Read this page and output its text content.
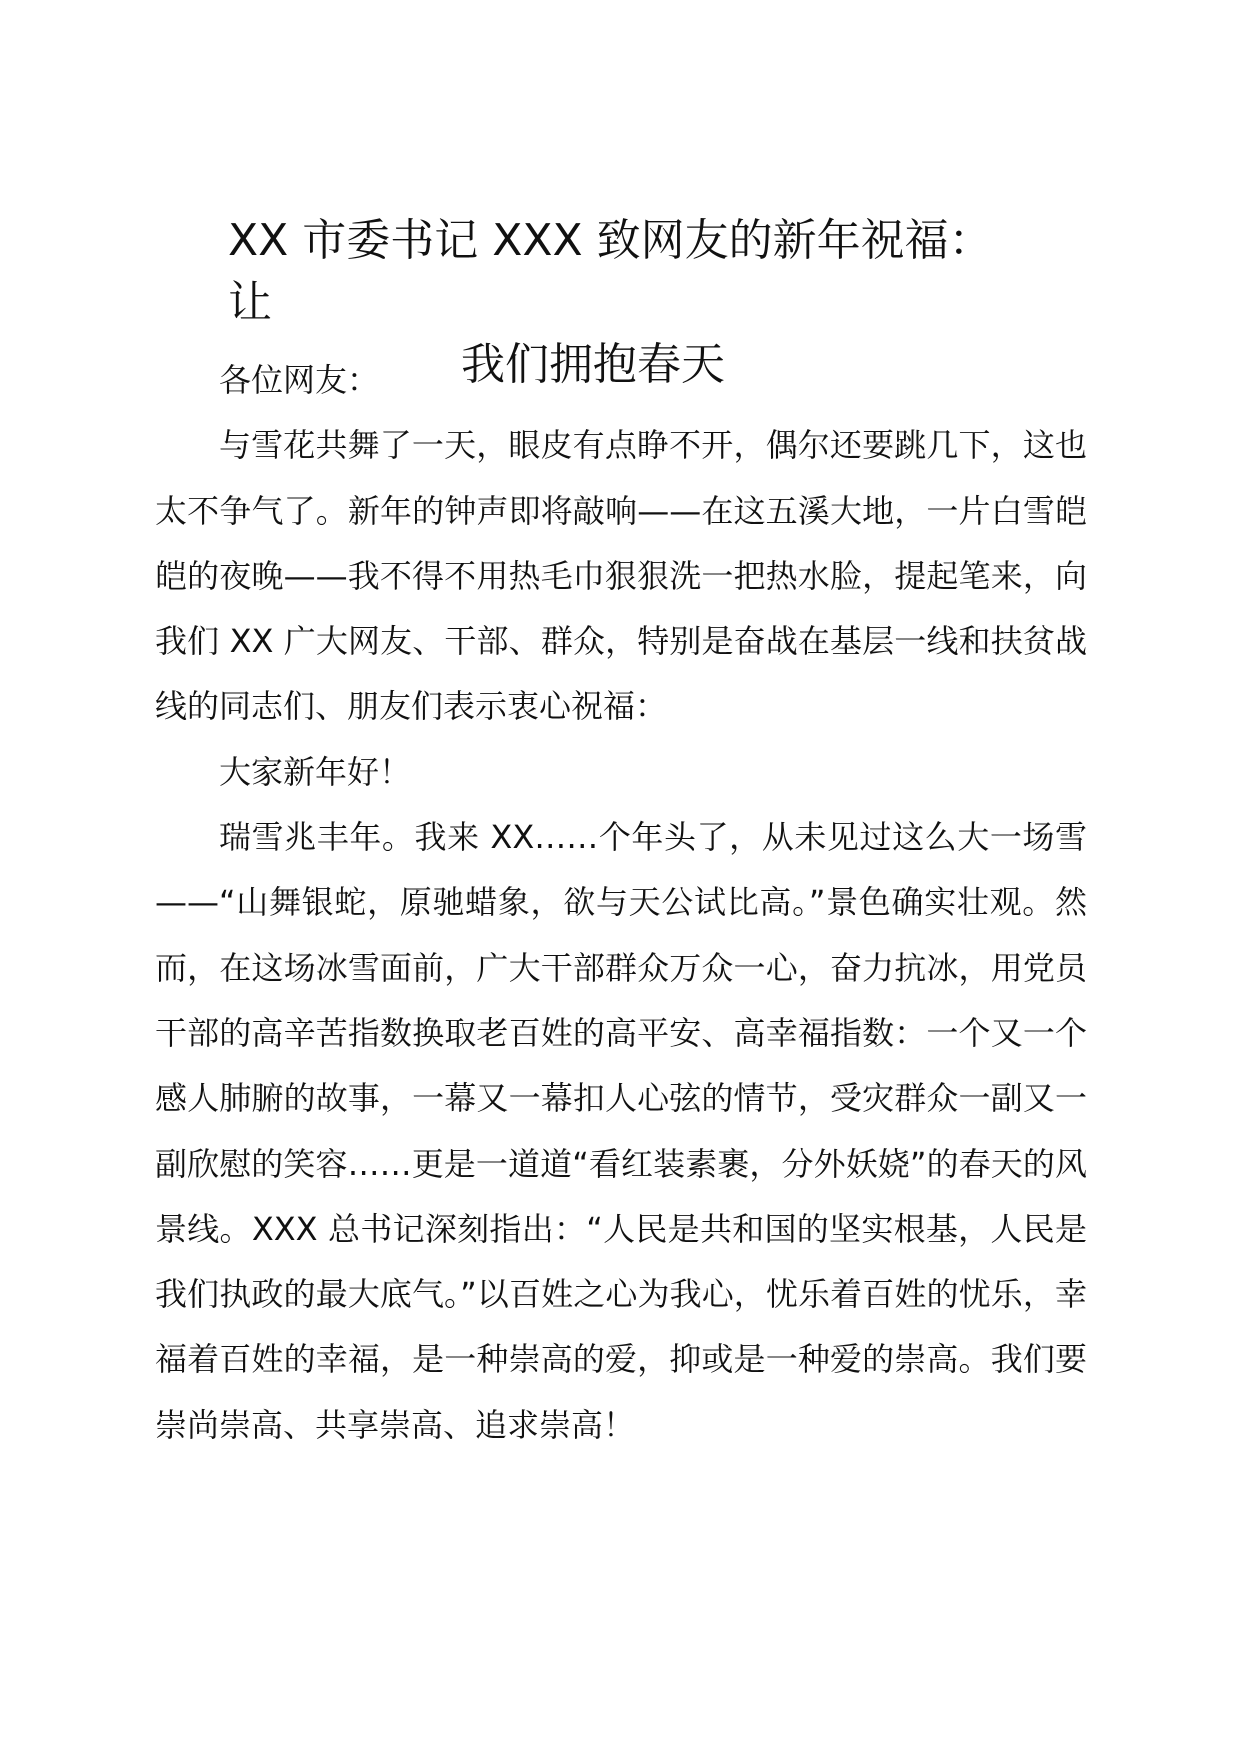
XX 市委书记 XXX 致网友的新年祝福：让
我们拥抱春天

各位网友：

与雪花共舞了一天，眼皮有点睁不开，偶尔还要跳几下，这也太不争气了。新年的钟声即将敲响——在这五溪大地，一片白雪皑皑的夜晚——我不得不用热毛巾狠狠洗一把热水脸，提起笔来，向我们 XX 广大网友、干部、群众，特别是奋战在基层一线和扶贫战线的同志们、朋友们表示衷心祝福：

大家新年好！

瑞雪兆丰年。我来 XX……个年头了，从未见过这么大一场雪——“山舞银蛇，原驰蜡象，欲与天公试比高。”景色确实壮观。然而，在这场冰雪面前，广大干部群众万众一心，奋力抗冰，用党员干部的高辛苦指数换取老百姓的高平安、高幸福指数：一个又一个感人肺腑的故事，一幕又一幕扣人心弦的情节，受灾群众一副又一副欣慰的笑容……更是一道道“看红装素裹，分外妖娆”的春天的风景线。XXX 总书记深刻指出：“人民是共和国的坚实根基，人民是我们执政的最大底气。”以百姓之心为我心，忧乐着百姓的忧乐，幸福着百姓的幸福，是一种崇高的爱，抑或是一种爱的崇高。我们要崇尚崇高、共享崇高、追求崇高！
